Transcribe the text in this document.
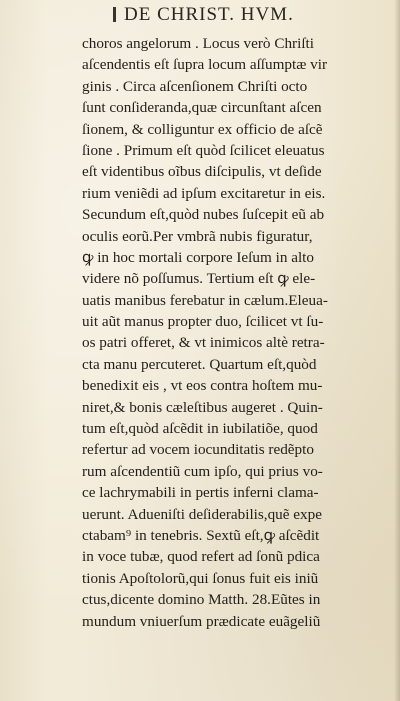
DE CHRIST. HVM.
choros angelorum . Locus verò Chriſti
aſcendentis eſt ſupra locum aſſumptæ vir
ginis . Circa aſcenſionem Chriſti octo
ſunt conſideranda,quæ circunſtant aſcen
ſionem, & colliguntur ex officio de aſcẽ
ſione . Primum eſt quòd ſcilicet eleuatus
eſt videntibus oĩbus diſcipulis, vt deſide
rium veniẽdi ad ipſum excitaretur in eis.
Secundum eſt,quòd nubes ſuſcepit eũ ab
oculis eorũ.Per vmbrã nubis figuratur,
ꝙ in hoc mortali corpore Ieſum in alto
videre nõ poſſumus. Tertium eſt ꝙ ele-
uatis manibus ferebatur in cælum.Eleua-
uit aũt manus propter duo, ſcilicet vt ſu-
os patri offeret, & vt inimicos altè retra-
cta manu percuteret. Quartum eſt,quòd
benedixit eis , vt eos contra hoſtem mu-
niret,& bonis cæleſtibus augeret . Quin-
tum eſt,quòd aſcẽdit in iubilatiõe, quod
refertur ad vocem iocunditatis redẽpto
rum aſcendentiũ cum ipſo, qui prius vo-
ce lachrymabili in pertis inferni clama-
uerunt. Adueniſti deſiderabilis,quẽ expe
ctabam⁹ in tenebris. Sextũ eſt,ꝙ aſcẽdit
in voce tubæ, quod refert ad ſonũ pdica
tionis Apoſtolorũ,qui ſonus fuit eis iniũ
ctus,dicente domino Matth. 28.Eũtes in
mundum vniuerſum prædicate euãgeliũ
